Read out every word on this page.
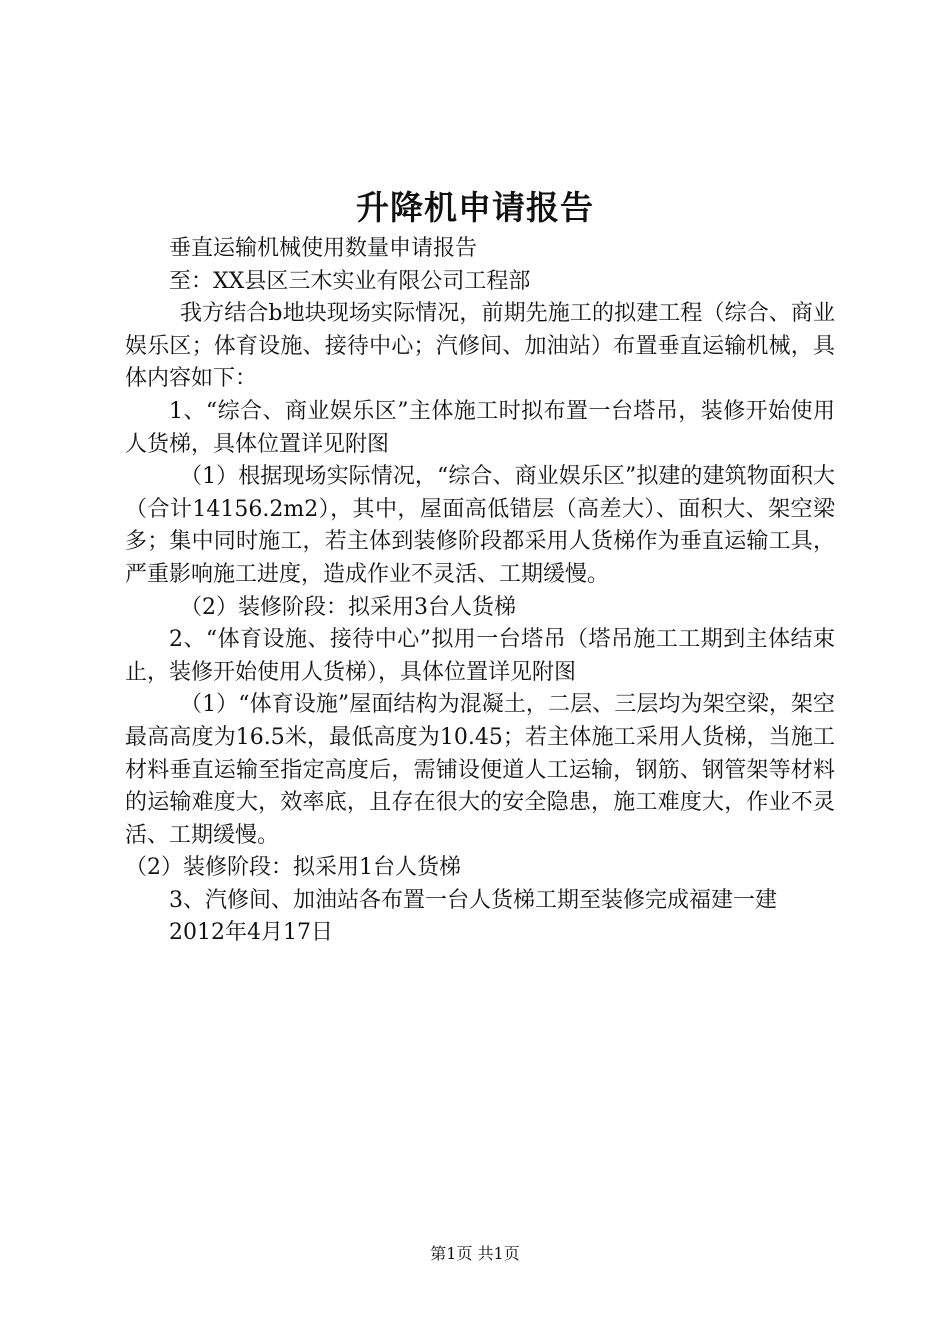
升降机申请报告

垂直运输机械使用数量申请报告

至：XX县区三木实业有限公司工程部

我方结合b地块现场实际情况，前期先施工的拟建工程（综合、商业娱乐区；体育设施、接待中心；汽修间、加油站）布置垂直运输机械，具体内容如下：

1、“综合、商业娱乐区”主体施工时拟布置一台塔吊，装修开始使用人货梯，具体位置详见附图

（1）根据现场实际情况，“综合、商业娱乐区”拟建的建筑物面积大（合计14156.2m2），其中，屋面高低错层（高差大）、面积大、架空梁多；集中同时施工，若主体到装修阶段都采用人货梯作为垂直运输工具，严重影响施工进度，造成作业不灵活、工期缓慢。

（2）装修阶段：拟采用3台人货梯

2、“体育设施、接待中心”拟用一台塔吊（塔吊施工工期到主体结束止，装修开始使用人货梯），具体位置详见附图

（1）“体育设施”屋面结构为混凝土，二层、三层均为架空梁，架空最高高度为16.5米，最低高度为10.45；若主体施工采用人货梯，当施工材料垂直运输至指定高度后，需铺设便道人工运输，钢筋、钢管架等材料的运输难度大，效率底，且存在很大的安全隐患，施工难度大，作业不灵活、工期缓慢。

（2）装修阶段：拟采用1台人货梯

3、汽修间、加油站各布置一台人货梯工期至装修完成福建一建

2012年4月17日

第1页 共1页
